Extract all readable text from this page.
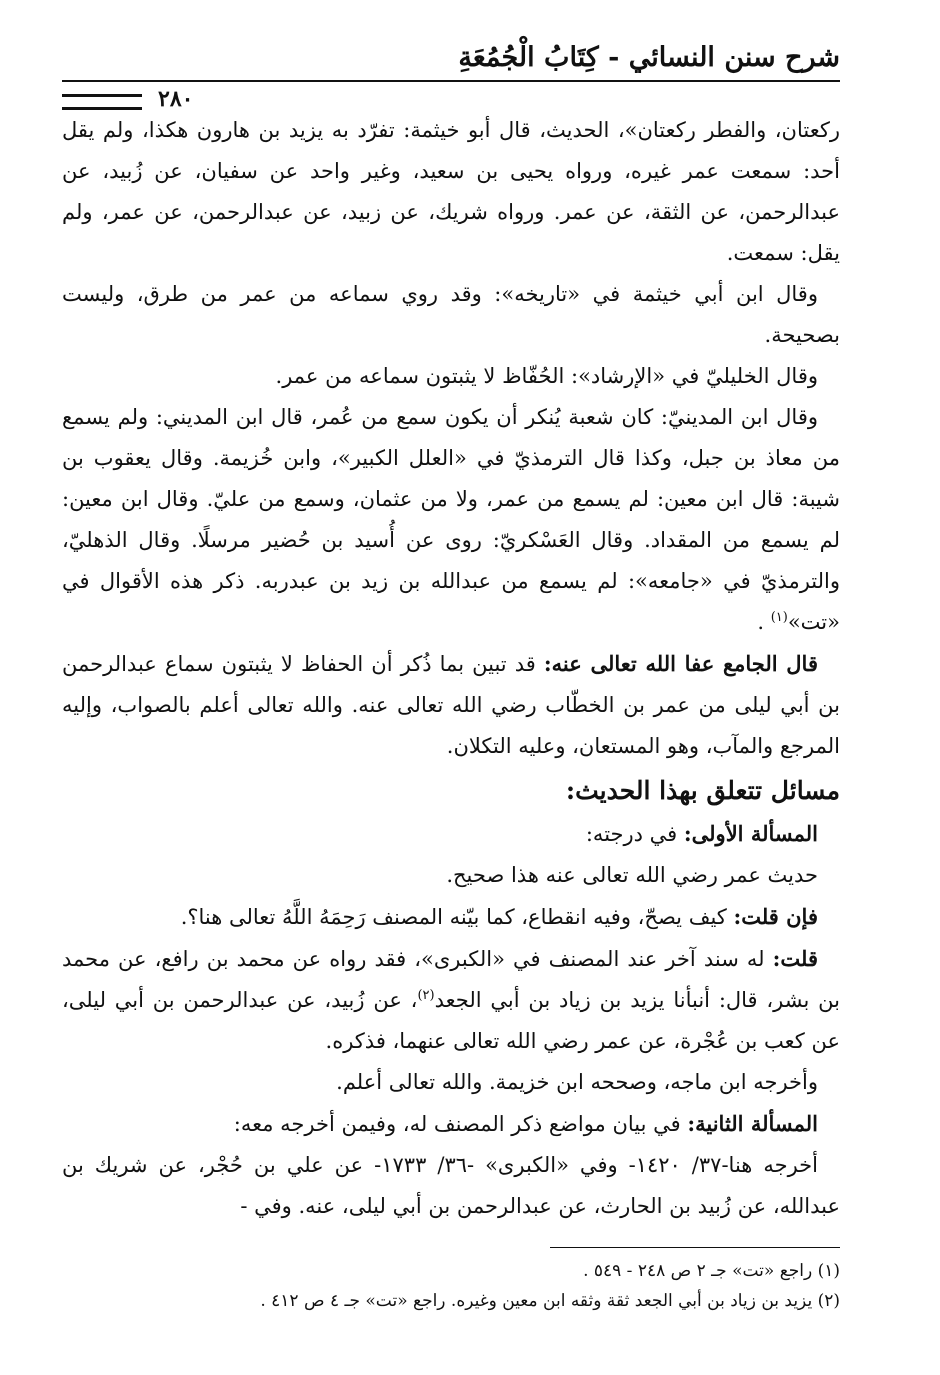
شرح سنن النسائي - كِتَابُ الْجُمُعَةِ
٢٨٠

ركعتان، والفطر ركعتان»، الحديث، قال أبو خيثمة: تفرّد به يزيد بن هارون هكذا، ولم يقل أحد: سمعت عمر غيره، ورواه يحيى بن سعيد، وغير واحد عن سفيان، عن زُبيد، عن عبدالرحمن، عن الثقة، عن عمر. ورواه شريك، عن زبيد، عن عبدالرحمن، عن عمر، ولم يقل: سمعت.

وقال ابن أبي خيثمة في «تاريخه»: وقد روي سماعه من عمر من طرق، وليست بصحيحة.

وقال الخليليّ في «الإرشاد»: الحُفّاظ لا يثبتون سماعه من عمر.

وقال ابن المدينيّ: كان شعبة يُنكر أن يكون سمع من عُمر، قال ابن المديني: ولم يسمع من معاذ بن جبل، وكذا قال الترمذيّ في «العلل الكبير»، وابن خُزيمة. وقال يعقوب بن شيبة: قال ابن معين: لم يسمع من عمر، ولا من عثمان، وسمع من عليّ. وقال ابن معين: لم يسمع من المقداد. وقال العَسْكريّ: روى عن أُسيد بن حُضير مرسلًا. وقال الذهليّ، والترمذيّ في «جامعه»: لم يسمع من عبدالله بن زيد بن عبدربه. ذكر هذه الأقوال في «تت»$^{(١)}$ .

قال الجامع عفا الله تعالى عنه: قد تبين بما ذُكر أن الحفاظ لا يثبتون سماع عبدالرحمن بن أبي ليلى من عمر بن الخطّاب رضي الله تعالى عنه. والله تعالى أعلم بالصواب، وإليه المرجع والمآب، وهو المستعان، وعليه التكلان.

مسائل تتعلق بهذا الحديث:

المسألة الأولى: في درجته:

حديث عمر رضي الله تعالى عنه هذا صحيح.

فإن قلت: كيف يصحّ، وفيه انقطاع، كما بيّنه المصنف رَحِمَهُ اللَّهُ تعالى هنا؟.

قلت: له سند آخر عند المصنف في «الكبرى»، فقد رواه عن محمد بن رافع، عن محمد بن بشر، قال: أنبأنا يزيد بن زياد بن أبي الجعد$^{(٢)}$، عن زُبيد، عن عبدالرحمن بن أبي ليلى، عن كعب بن عُجْرة، عن عمر رضي الله تعالى عنهما، فذكره.

وأخرجه ابن ماجه، وصححه ابن خزيمة. والله تعالى أعلم.

المسألة الثانية: في بيان مواضع ذكر المصنف له، وفيمن أخرجه معه:

أخرجه هنا-٣٧/ ١٤٢٠- وفي «الكبرى» -٣٦/ ١٧٣٣- عن علي بن حُجْر، عن شريك بن عبدالله، عن زُبيد بن الحارث، عن عبدالرحمن بن أبي ليلى، عنه. وفي -

(١) راجع «تت» جـ ٢ ص ٢٤٨ - ٥٤٩ .

(٢) يزيد بن زياد بن أبي الجعد ثقة وثقه ابن معين وغيره. راجع «تت» جـ ٤ ص ٤١٢ .
